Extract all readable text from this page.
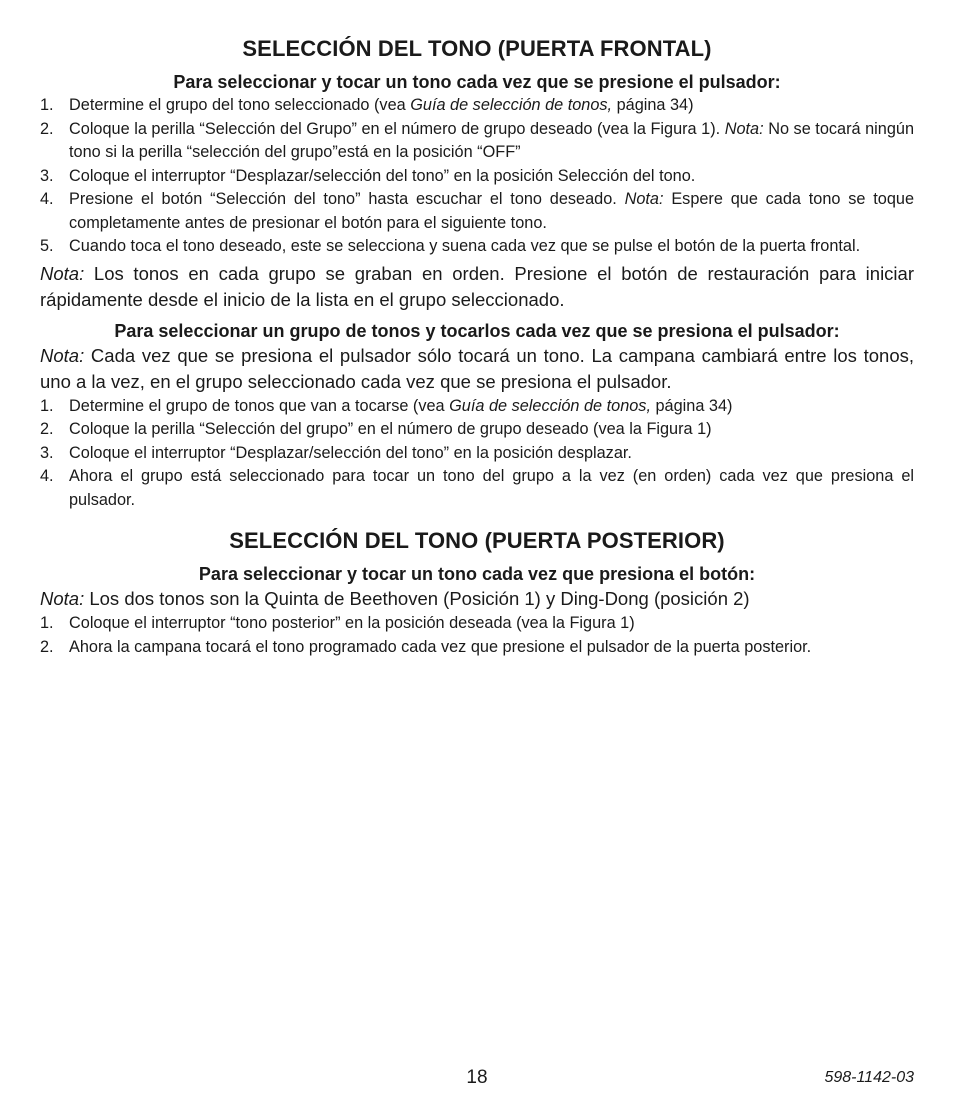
SELECCIÓN DEL TONO (PUERTA FRONTAL)
Para seleccionar y tocar un tono cada vez que se presione el pulsador:
1. Determine el grupo del tono seleccionado (vea Guía de selección de tonos, página 34)
2. Coloque la perilla “Selección del Grupo” en el número de grupo deseado (vea la Figura 1). Nota: No se tocará ningún tono si la perilla “selección del grupo”está en la posición “OFF”
3. Coloque el interruptor “Desplazar/selección del tono” en la posición Selección del tono.
4. Presione el botón “Selección del tono” hasta escuchar el tono deseado. Nota: Espere que cada tono se toque completamente antes de presionar el botón para el siguiente tono.
5. Cuando toca el tono deseado, este se selecciona y suena cada vez que se pulse el botón de la puerta frontal.

Nota: Los tonos en cada grupo se graban en orden. Presione el botón de restauración para iniciar rápidamente desde el inicio de la lista en el grupo seleccionado.

Para seleccionar un grupo de tonos y tocarlos cada vez que se presiona el pulsador:

Nota: Cada vez que se presiona el pulsador sólo tocará un tono. La campana cambiará entre los tonos, uno a la vez, en el grupo seleccionado cada vez que se presiona el pulsador.

1. Determine el grupo de tonos que van a tocarse (vea Guía de selección de tonos, página 34)
2. Coloque la perilla “Selección del grupo” en el número de grupo deseado (vea la Figura 1)
3. Coloque el interruptor “Desplazar/selección del tono” en la posición desplazar.
4. Ahora el grupo está seleccionado para tocar un tono del grupo a la vez (en orden) cada vez que presiona el pulsador.
SELECCIÓN DEL TONO (PUERTA POSTERIOR)
Para seleccionar y tocar un tono cada vez que presiona el botón:

Nota: Los dos tonos son la Quinta de Beethoven (Posición 1) y Ding-Dong (posición 2)

1. Coloque el interruptor “tono posterior” en la posición deseada (vea la Figura 1)
2. Ahora la campana tocará el tono programado cada vez que presione el pulsador de la puerta posterior.
18	598-1142-03
